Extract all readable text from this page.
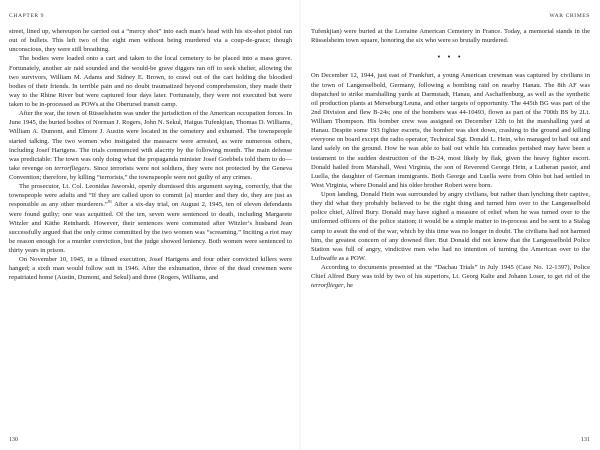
CHAPTER 9

street, lined up, whereupon he carried out a “mercy shot” into each man’s head with his six-shot pistol ran out of bullets. This left two of the eight men without being murdered via a coup-de-grace; though unconscious, they were still breathing.

The bodies were loaded onto a cart and taken to the local cemetery to be placed into a mass grave. Fortunately, another air raid sounded and the would-be grave diggers ran off to seek shelter, allowing the two survivors, William M. Adams and Sidney E. Brown, to crawl out of the cart holding the bloodied bodies of their friends. In terrible pain and no doubt traumatized beyond comprehension, they made their way to the Rhine River but were captured four days later. Fortunately, they were not executed but were taken to be in-processed as POWs at the Oberursel transit camp.

After the war, the town of Rüsselsheim was under the jurisdiction of the American occupation forces. In June 1945, the buried bodies of Norman J. Rogers, John N. Sekul, Haigus Tufenkjian, Thomas D. Williams, William A. Dumont, and Elmore J. Austin were located in the cemetery and exhumed. The townspeople started talking. The two women who instigated the massacre were arrested, as were numerous others, including Josef Hartgens. The trials commenced with alacrity by the following month. The main defense was predictable: The town was only doing what the propaganda minister Josef Goebbels told them to do—take revenge on terrorfliegers. Since terrorists were not soldiers, they were not protected by the Geneva Convention; therefore, by killing “terrorists,” the townspeople were not guilty of any crimes.

The prosecutor, Lt. Col. Leonidas Jaworski, openly dismissed this argument saying, correctly, that the townspeople were adults and “If they are called upon to commit [a] murder and they do, they are just as responsible as any other murderers.”$^{91}$ After a six-day trial, on August 2, 1945, ten of eleven defendants were found guilty; one was acquitted. Of the ten, seven were sentenced to death, including Margarete Witzler and Käthe Reinhardt. However, their sentences were commuted after Witzler’s husband Jean successfully argued that the only crime committed by the two women was “screaming.” Inciting a riot may be reason enough for a murder conviction, but the judge showed leniency. Both women were sentenced to thirty years in prison.

On November 10, 1945, in a filmed execution, Josef Hartgens and four other convicted killers were hanged; a sixth man would follow suit in 1946. After the exhumation, three of the dead crewmen were repatriated home (Austin, Dumont, and Sekul) and three (Rogers, Williams, and

130
WAR CRIMES

Tufenkjian) were buried at the Lorraine American Cemetery in France. Today, a memorial stands in the Rüsselsheim town square, honoring the six who were so brutally murdered.

• • •

On December 12, 1944, just east of Frankfurt, a young American crewman was captured by civilians in the town of Langenselbold, Germany, following a bombing raid on nearby Hanau. The 8th AF was dispatched to strike marshalling yards at Darmstadt, Hanau, and Aschaffenburg, as well as the synthetic oil production plants at Merseburg/Leuna, and other targets of opportunity. The 445th BG was part of the 2nd Division and flew B-24s; one of the bombers was 44-10493, flown as part of the 700th BS by 2Lt. William Thompson. His bomber crew was assigned on December 12th to hit the marshalling yard at Hanau. Despite some 193 fighter escorts, the bomber was shot down, crashing to the ground and killing everyone on board except the radio operator, Technical Sgt. Donald L. Hein, who managed to bail out and land safely on the ground. How he was able to bail out while his comrades perished may have been a testament to the sudden destruction of the B-24, most likely by flak, given the heavy fighter escort. Donald hailed from Marshall, West Virginia, the son of Reverend George Hein, a Lutheran pastor, and Luella, the daughter of German immigrants. Both George and Luella were from Ohio but had settled in West Virginia, where Donald and his older brother Robert were born.

Upon landing, Donald Hein was surrounded by angry civilians, but rather than lynching their captive, they did what they probably believed to be the right thing and turned him over to the Langenselbold police chief, Alfred Bury. Donald may have sighed a measure of relief when he was turned over to the uniformed officers of the police station; it would be a simple matter to in-process and be sent to a Stalag camp to await the end of the war, which by this time was no longer in doubt. The civilians had not harmed him, the greatest concern of any downed flier. But Donald did not know that the Langenselbold Police Station was full of angry, vindictive men who had no intention of turning the American over to the Luftwaffe as a POW.

According to documents presented at the “Dachau Trials” in July 1945 (Case No. 12-1397), Police Chief Alfred Bury was told by two of his superiors, Lt. Georg Kalte and Johann Loser, to get rid of the terrorflieger, he

131
